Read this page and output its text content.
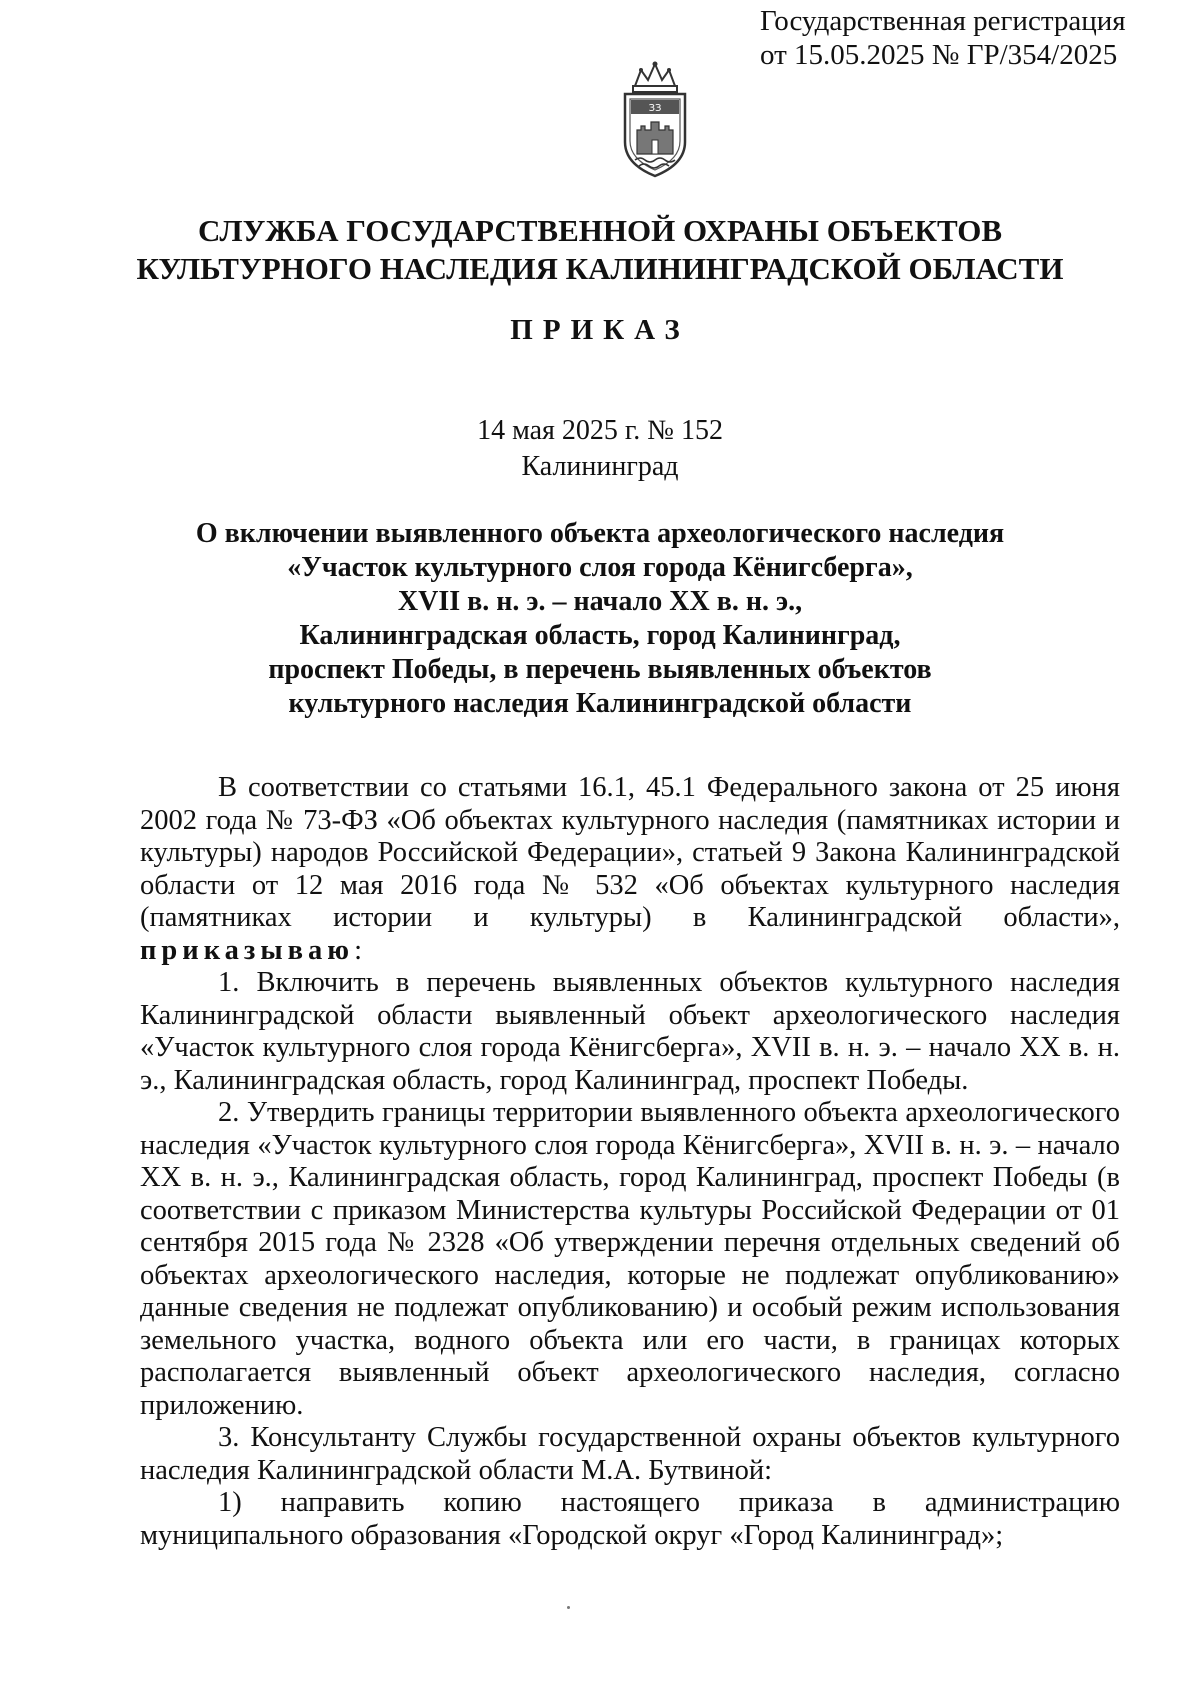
Государственная регистрация
от 15.05.2025 № ГР/354/2025
ЗЗ
СЛУЖБА ГОСУДАРСТВЕННОЙ ОХРАНЫ ОБЪЕКТОВ
КУЛЬТУРНОГО НАСЛЕДИЯ КАЛИНИНГРАДСКОЙ ОБЛАСТИ
ПРИКАЗ
14 мая 2025 г. № 152
Калининград
О включении выявленного объекта археологического наследия
«Участок культурного слоя города Кёнигсберга»,
XVII в. н. э. – начало XX в. н. э.,
Калининградская область, город Калининград,
проспект Победы, в перечень выявленных объектов
культурного наследия Калининградской области

В соответствии со статьями 16.1, 45.1 Федерального закона от 25 июня 2002 года № 73-ФЗ «Об объектах культурного наследия (памятниках истории и культуры) народов Российской Федерации», статьей 9 Закона Калининградской области от 12 мая 2016 года № 532 «Об объектах культурного наследия (памятниках истории и культуры) в Калининградской области», приказываю:

1. Включить в перечень выявленных объектов культурного наследия Калининградской области выявленный объект археологического наследия «Участок культурного слоя города Кёнигсберга», XVII в. н. э. – начало XX в. н. э., Калининградская область, город Калининград, проспект Победы.

2. Утвердить границы территории выявленного объекта археологического наследия «Участок культурного слоя города Кёнигсберга», XVII в. н. э. – начало XX в. н. э., Калининградская область, город Калининград, проспект Победы (в соответствии с приказом Министерства культуры Российской Федерации от 01 сентября 2015 года № 2328 «Об утверждении перечня отдельных сведений об объектах археологического наследия, которые не подлежат опубликованию» данные сведения не подлежат опубликованию) и особый режим использования земельного участка, водного объекта или его части, в границах которых располагается выявленный объект археологического наследия, согласно приложению.

3. Консультанту Службы государственной охраны объектов культурного наследия Калининградской области М.А. Бутвиной:

1) направить копию настоящего приказа в администрацию муниципального образования «Городской округ «Город Калининград»;
